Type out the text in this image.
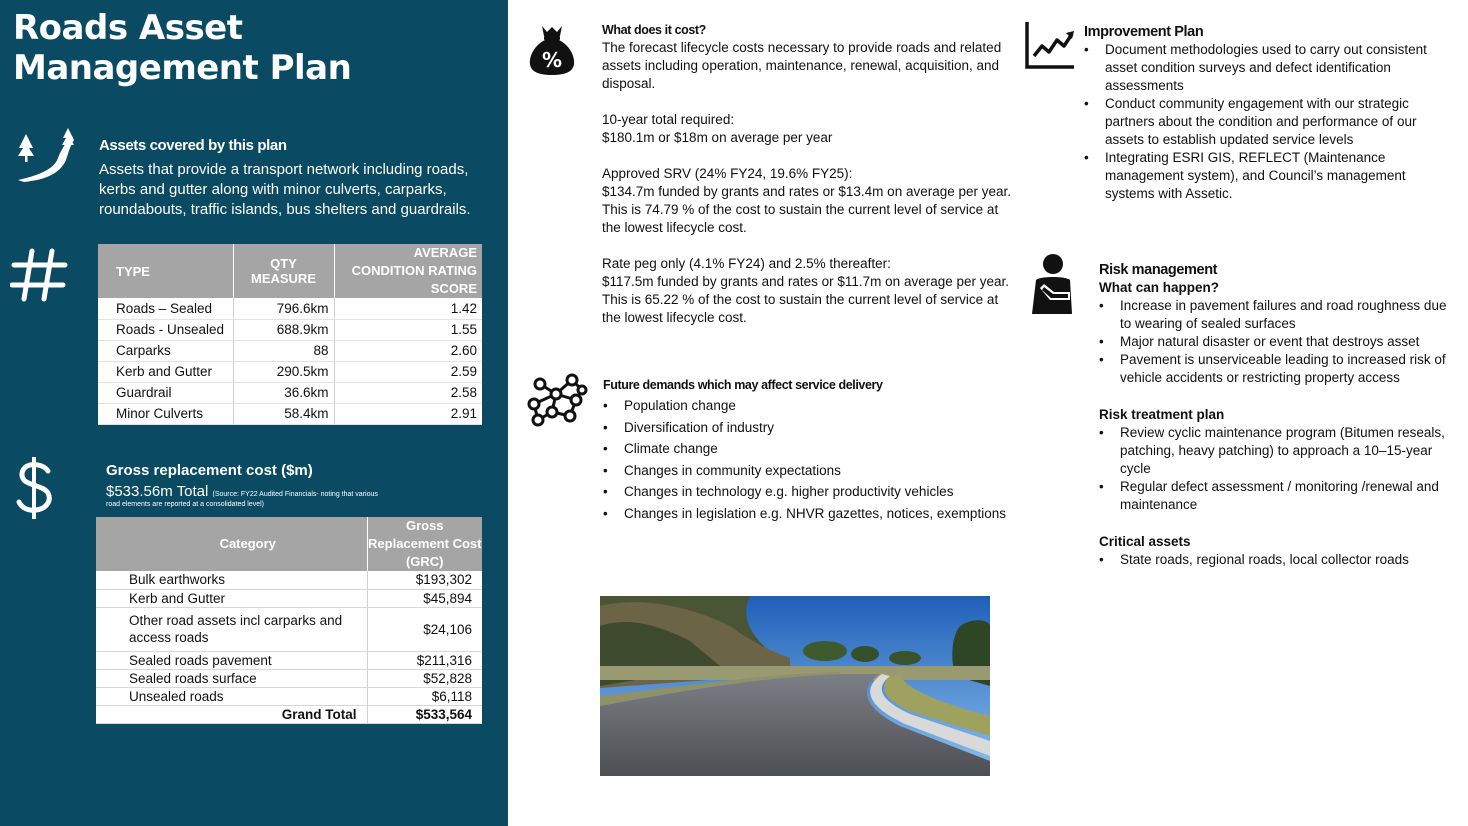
Roads Asset Management Plan
Assets covered by this plan
Assets that provide a transport network including roads, kerbs and gutter along with minor culverts, carparks, roundabouts, traffic islands, bus shelters and guardrails.
TYPE	QTY MEASURE	AVERAGE CONDITION RATING SCORE
Roads – Sealed	796.6km	1.42
Roads - Unsealed	688.9km	1.55
Carparks	88	2.60
Kerb and Gutter	290.5km	2.59
Guardrail	36.6km	2.58
Minor Culverts	58.4km	2.91
Gross replacement cost ($m)
$533.56m Total (Source: FY22 Audited Financials- noting that various
road elements are reported at a consolidated level)
Category	Gross Replacement Cost (GRC)
Bulk earthworks	$193,302
Kerb and Gutter	$45,894
Other road assets incl carparks and access roads	$24,106
Sealed roads pavement	$211,316
Sealed roads surface	$52,828
Unsealed roads	$6,118
Grand Total	$533,564
%
What does it cost?
The forecast lifecycle costs necessary to provide roads and related assets including operation, maintenance, renewal, acquisition, and disposal.
10-year total required:
$180.1m or $18m on average per year
Approved SRV (24% FY24, 19.6% FY25):
$134.7m funded by grants and rates or $13.4m on average per year.
This is 74.79 % of the cost to sustain the current level of service at the lowest lifecycle cost.
Rate peg only (4.1% FY24) and 2.5% thereafter:
$117.5m funded by grants and rates or $11.7m on average per year.
This is 65.22 % of the cost to sustain the current level of service at the lowest lifecycle cost.
Future demands which may affect service delivery
• Population change
• Diversification of industry
• Climate change
• Changes in community expectations
• Changes in technology e.g. higher productivity vehicles
• Changes in legislation e.g. NHVR gazettes, notices, exemptions
Improvement Plan
• Document methodologies used to carry out consistent asset condition surveys and defect identification assessments
• Conduct community engagement with our strategic partners about the condition and performance of our assets to establish updated service levels
• Integrating ESRI GIS, REFLECT (Maintenance management system), and Council’s management systems with Assetic.
Risk management
What can happen?
• Increase in pavement failures and road roughness due to wearing of sealed surfaces
• Major natural disaster or event that destroys asset
• Pavement is unserviceable leading to increased risk of vehicle accidents or restricting property access
Risk treatment plan
• Review cyclic maintenance program (Bitumen reseals, patching, heavy patching) to approach a 10–15-year cycle
• Regular defect assessment / monitoring /renewal and maintenance
Critical assets
• State roads, regional roads, local collector roads
